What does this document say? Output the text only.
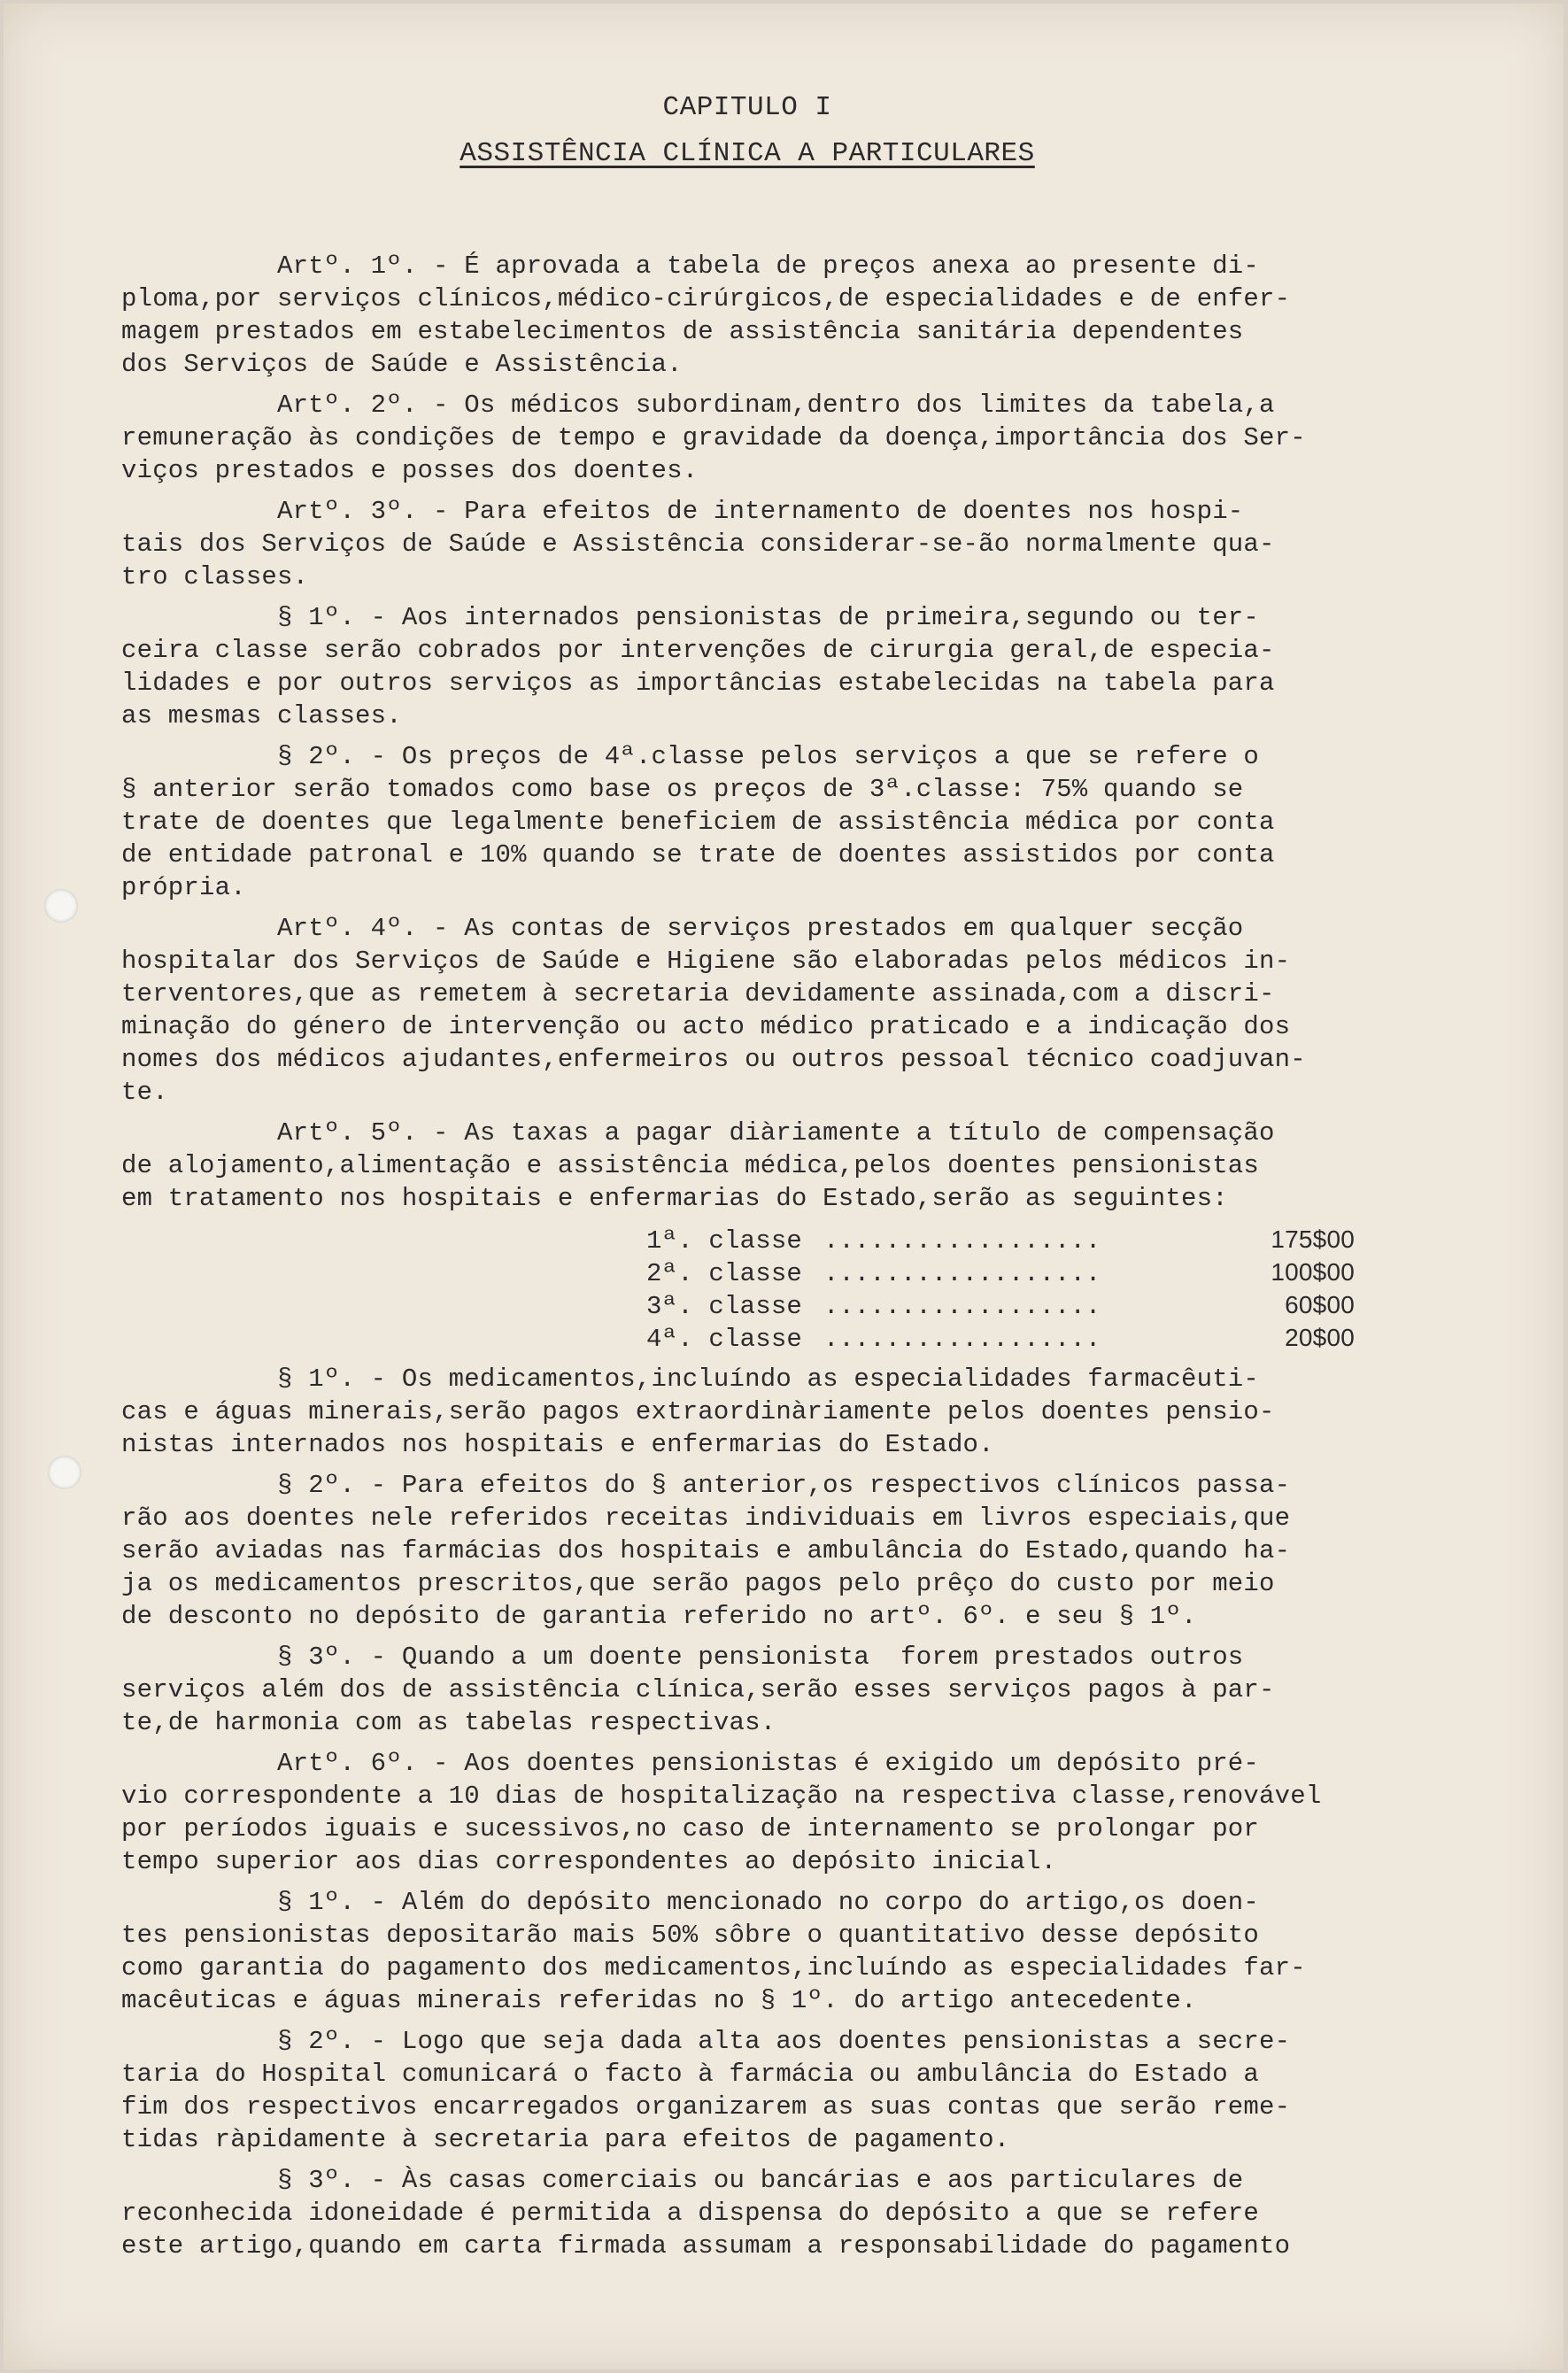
CAPITULO I
ASSISTÊNCIA CLÍNICA A PARTICULARES
Artº. 1º. - É aprovada a tabela de preços anexa ao presente di-
ploma,por serviços clínicos,médico-cirúrgicos,de especialidades e de enfer-
magem prestados em estabelecimentos de assistência sanitária dependentes
dos Serviços de Saúde e Assistência.
Artº. 2º. - Os médicos subordinam,dentro dos limites da tabela,a
remuneração às condições de tempo e gravidade da doença,importância dos Ser-
viços prestados e posses dos doentes.
Artº. 3º. - Para efeitos de internamento de doentes nos hospi-
tais dos Serviços de Saúde e Assistência considerar-se-ão normalmente qua-
tro classes.
§ 1º. - Aos internados pensionistas de primeira,segundo ou ter-
ceira classe serão cobrados por intervenções de cirurgia geral,de especia-
lidades e por outros serviços as importâncias estabelecidas na tabela para
as mesmas classes.
§ 2º. - Os preços de 4ª.classe pelos serviços a que se refere o
§ anterior serão tomados como base os preços de 3ª.classe: 75% quando se
trate de doentes que legalmente beneficiem de assistência médica por conta
de entidade patronal e 10% quando se trate de doentes assistidos por conta
própria.
Artº. 4º. - As contas de serviços prestados em qualquer secção
hospitalar dos Serviços de Saúde e Higiene são elaboradas pelos médicos in-
terventores,que as remetem à secretaria devidamente assinada,com a discri-
minação do género de intervenção ou acto médico praticado e a indicação dos
nomes dos médicos ajudantes,enfermeiros ou outros pessoal técnico coadjuvan-
te.
Artº. 5º. - As taxas a pagar diàriamente a título de compensação
de alojamento,alimentação e assistência médica,pelos doentes pensionistas
em tratamento nos hospitais e enfermarias do Estado,serão as seguintes:
1ª. classe ..................	175$00
2ª. classe ..................	100$00
3ª. classe ..................	60$00
4ª. classe ..................	20$00
§ 1º. - Os medicamentos,incluíndo as especialidades farmacêuti-
cas e águas minerais,serão pagos extraordinàriamente pelos doentes pensio-
nistas internados nos hospitais e enfermarias do Estado.
§ 2º. - Para efeitos do § anterior,os respectivos clínicos passa-
rão aos doentes nele referidos receitas individuais em livros especiais,que
serão aviadas nas farmácias dos hospitais e ambulância do Estado,quando ha-
ja os medicamentos prescritos,que serão pagos pelo prêço do custo por meio
de desconto no depósito de garantia referido no artº. 6º. e seu § 1º.
§ 3º. - Quando a um doente pensionista  forem prestados outros
serviços além dos de assistência clínica,serão esses serviços pagos à par-
te,de harmonia com as tabelas respectivas.
Artº. 6º. - Aos doentes pensionistas é exigido um depósito pré-
vio correspondente a 10 dias de hospitalização na respectiva classe,renovável
por períodos iguais e sucessivos,no caso de internamento se prolongar por
tempo superior aos dias correspondentes ao depósito inicial.
§ 1º. - Além do depósito mencionado no corpo do artigo,os doen-
tes pensionistas depositarão mais 50% sôbre o quantitativo desse depósito
como garantia do pagamento dos medicamentos,incluíndo as especialidades far-
macêuticas e águas minerais referidas no § 1º. do artigo antecedente.
§ 2º. - Logo que seja dada alta aos doentes pensionistas a secre-
taria do Hospital comunicará o facto à farmácia ou ambulância do Estado a
fim dos respectivos encarregados organizarem as suas contas que serão reme-
tidas ràpidamente à secretaria para efeitos de pagamento.
§ 3º. - Às casas comerciais ou bancárias e aos particulares de
reconhecida idoneidade é permitida a dispensa do depósito a que se refere
este artigo,quando em carta firmada assumam a responsabilidade do pagamento
